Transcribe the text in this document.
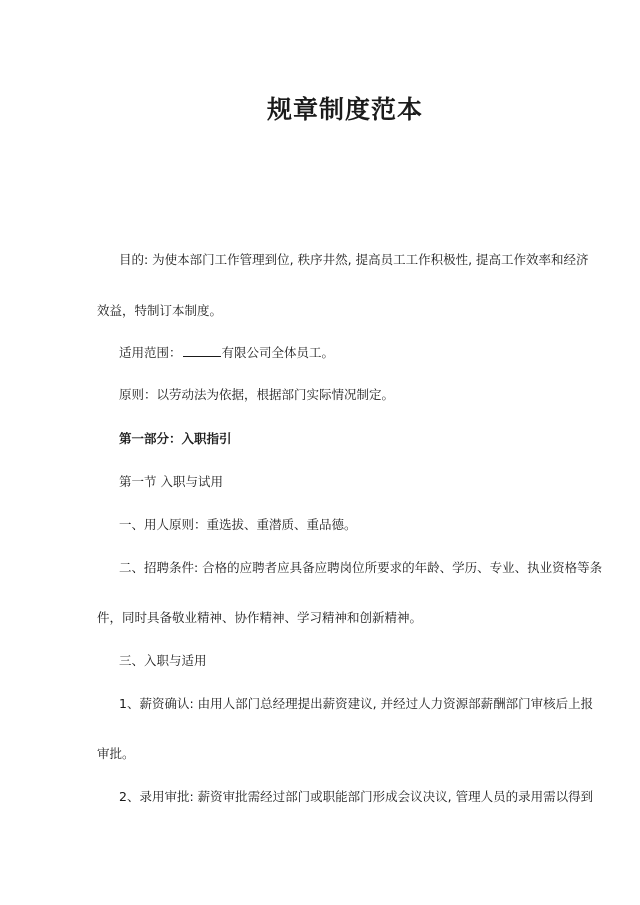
规章制度范本
目的: 为使本部门工作管理到位, 秩序井然, 提高员工工作积极性, 提高工作效率和经济
效益，特制订本制度。
适用范围：	有限公司全体员工。
原则：以劳动法为依据，根据部门实际情况制定。
第一部分：入职指引
第一节 入职与试用
一、用人原则：重选拔、重潜质、重品德。
二、招聘条件: 合格的应聘者应具备应聘岗位所要求的年龄、学历、专业、执业资格等条
件，同时具备敬业精神、协作精神、学习精神和创新精神。
三、入职与适用
1、薪资确认: 由用人部门总经理提出薪资建议, 并经过人力资源部薪酬部门审核后上报
审批。
2、录用审批: 薪资审批需经过部门或职能部门形成会议决议, 管理人员的录用需以得到
